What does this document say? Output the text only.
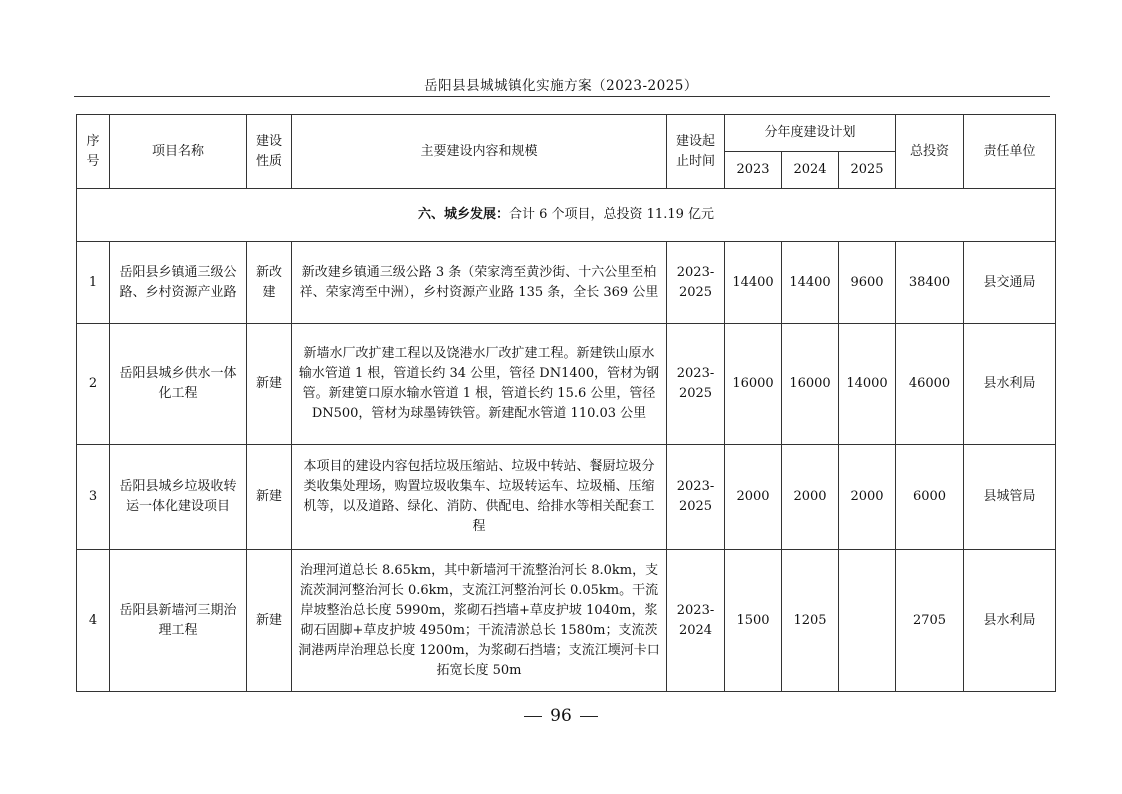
岳阳县县城城镇化实施方案（2023-2025）
序号	项目名称	建设性质	主要建设内容和规模	建设起止时间	分年度建设计划			总投资	责任单位

					2023	2024	2025		
六、城乡发展：合计 6 个项目，总投资 11.19 亿元									
1	岳阳县乡镇通三级公路、乡村资源产业路	新改建	新改建乡镇通三级公路 3 条（荣家湾至黄沙街、十六公里至柏祥、荣家湾至中洲），乡村资源产业路 135 条，全长 369 公里	2023-2025	14400	14400	9600	38400	县交通局
2	岳阳县城乡供水一体化工程	新建	新墙水厂改扩建工程以及饶港水厂改扩建工程。新建铁山原水输水管道 1 根，管道长约 34 公里，管径 DN1400，管材为钢管。新建筻口原水输水管道 1 根，管道长约 15.6 公里，管径 DN500，管材为球墨铸铁管。新建配水管道 110.03 公里	2023-2025	16000	16000	14000	46000	县水利局
3	岳阳县城乡垃圾收转运一体化建设项目	新建	本项目的建设内容包括垃圾压缩站、垃圾中转站、餐厨垃圾分类收集处理场，购置垃圾收集车、垃圾转运车、垃圾桶、压缩机等，以及道路、绿化、消防、供配电、给排水等相关配套工程	2023-2025	2000	2000	2000	6000	县城管局
4	岳阳县新墙河三期治理工程	新建	治理河道总长 8.65km，其中新墙河干流整治河长 8.0km，支流茨洞河整治河长 0.6km，支流江河整治河长 0.05km。干流岸坡整治总长度 5990m，浆砌石挡墙+草皮护坡 1040m，浆砌石固脚+草皮护坡 4950m；干流清淤总长 1580m；支流茨洞港两岸治理总长度 1200m，为浆砌石挡墙；支流江堧河卡口拓宽长度 50m	2023-2024	1500	1205		2705	县水利局
96
